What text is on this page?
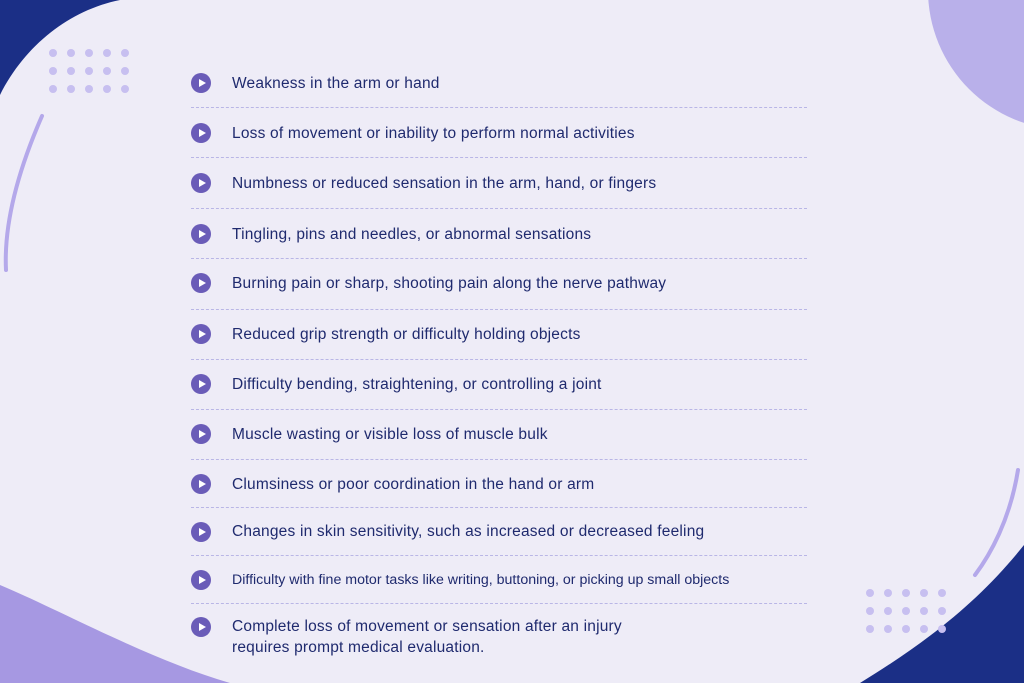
Weakness in the arm or hand
Loss of movement or inability to perform normal activities
Numbness or reduced sensation in the arm, hand, or fingers
Tingling, pins and needles, or abnormal sensations
Burning pain or sharp, shooting pain along the nerve pathway
Reduced grip strength or difficulty holding objects
Difficulty bending, straightening, or controlling a joint
Muscle wasting or visible loss of muscle bulk
Clumsiness or poor coordination in the hand or arm
Changes in skin sensitivity, such as increased or decreased feeling
Difficulty with fine motor tasks like writing, buttoning, or picking up small objects
Complete loss of movement or sensation after an injury
requires prompt medical evaluation.
